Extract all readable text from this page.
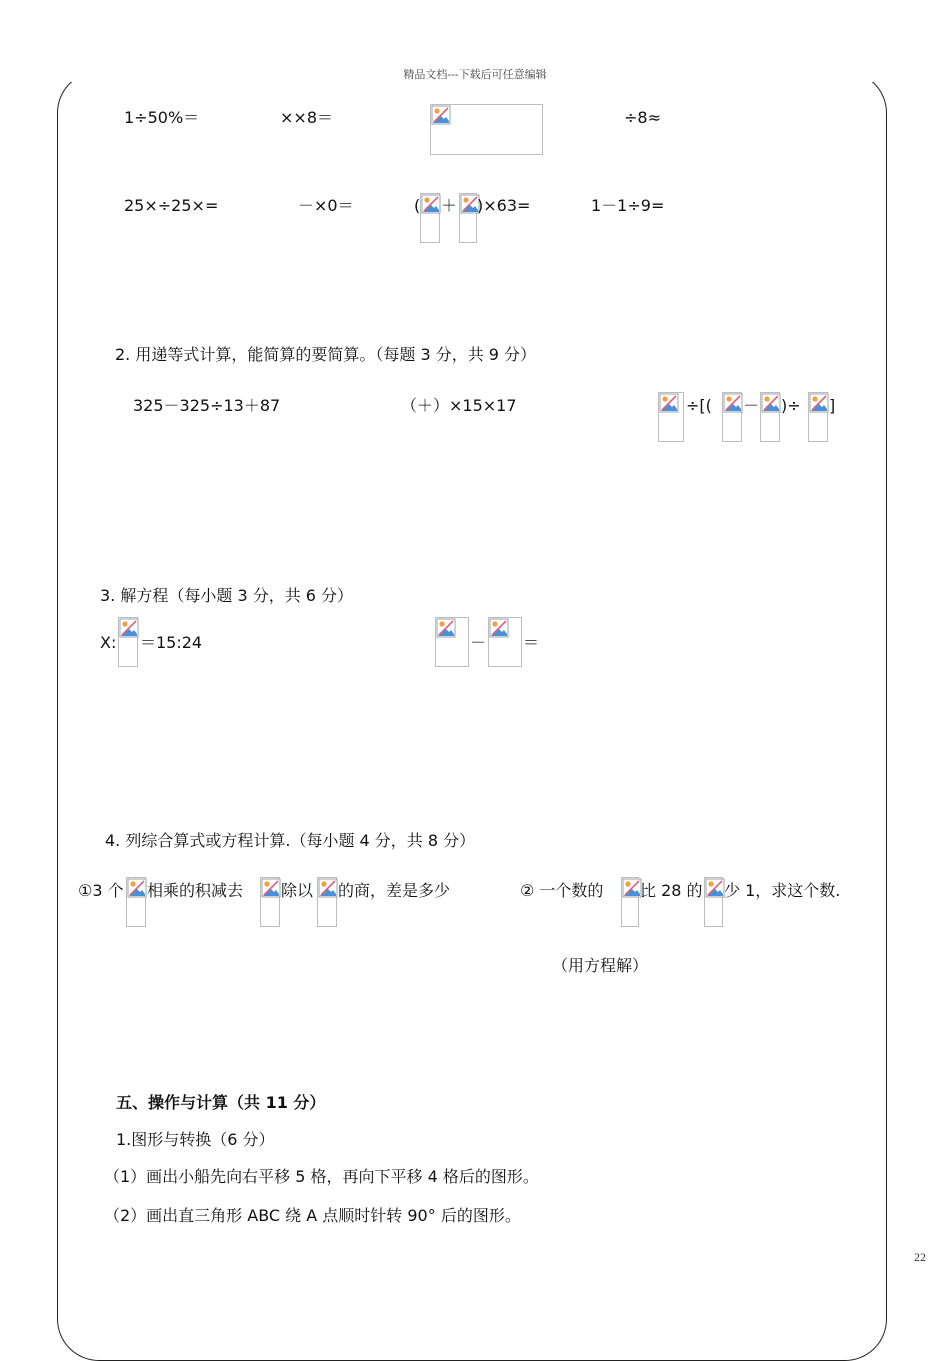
精品文档---下载后可任意编辑
1÷50%＝	××8＝	÷8≈
25×÷25×=	－×0＝	( ＋ )×63=	1－1÷9=
2. 用递等式计算，能简算的要简算。（每题 3 分，共 9 分）
325－325÷13＋87	（＋）×15×17	÷[( － )÷ ]
3. 解方程（每小题 3 分，共 6 分）
X: ＝15:24	－ ＝
4. 列综合算式或方程计算.（每小题 4 分，共 8 分）
①3 个 相乘的积减去 除以 的商，差是多少	② 一个数的 比 28 的 少 1，求这个数.
（用方程解）
五、操作与计算（共 11 分）
1.图形与转换（6 分）
（1）画出小船先向右平移 5 格，再向下平移 4 格后的图形。
（2）画出直三角形 ABC 绕 A 点顺时针转 90° 后的图形。
22
